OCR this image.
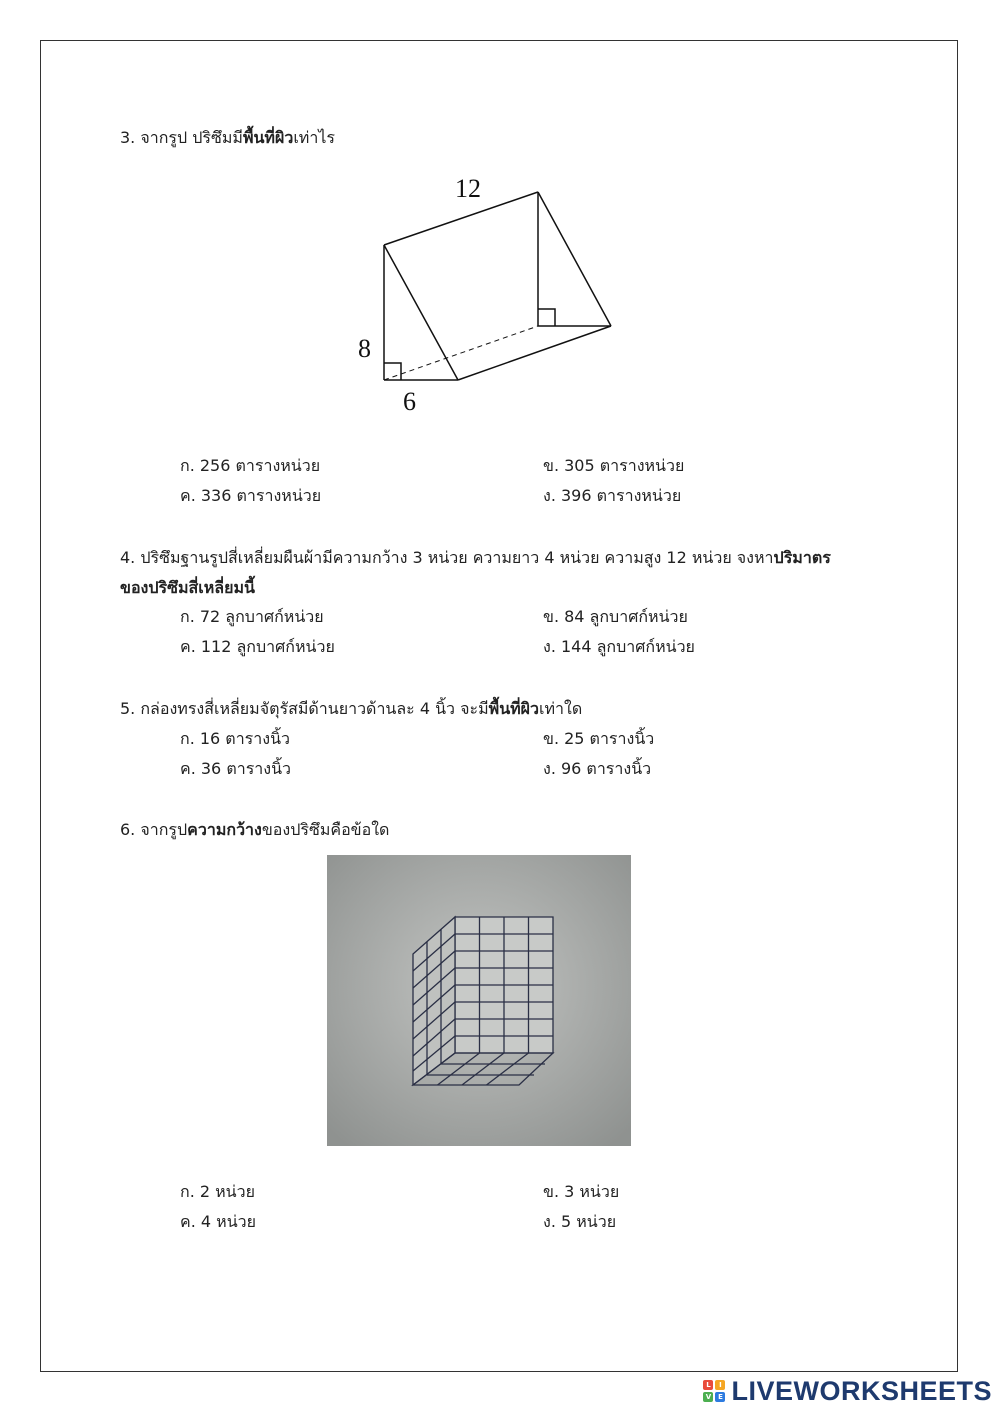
3. จากรูป ปริซึมมีพื้นที่ผิวเท่าไร
12
8
6
ก. 256 ตารางหน่วย	ข. 305 ตารางหน่วย
ค. 336 ตารางหน่วย	ง. 396 ตารางหน่วย
4. ปริซึมฐานรูปสี่เหลี่ยมผืนผ้ามีความกว้าง 3 หน่วย ความยาว 4 หน่วย ความสูง 12 หน่วย จงหาปริมาตร
ของปริซึมสี่เหลี่ยมนี้
ก. 72 ลูกบาศก์หน่วย	ข. 84 ลูกบาศก์หน่วย
ค. 112 ลูกบาศก์หน่วย	ง. 144 ลูกบาศก์หน่วย
5. กล่องทรงสี่เหลี่ยมจัตุรัสมีด้านยาวด้านละ 4 นิ้ว จะมีพื้นที่ผิวเท่าใด
ก. 16 ตารางนิ้ว	ข. 25 ตารางนิ้ว
ค. 36 ตารางนิ้ว	ง. 96 ตารางนิ้ว
6. จากรูปความกว้างของปริซึมคือข้อใด
ก. 2 หน่วย	ข. 3 หน่วย
ค. 4 หน่วย	ง. 5 หน่วย
L	I
V E LIVEWORKSHEETS
